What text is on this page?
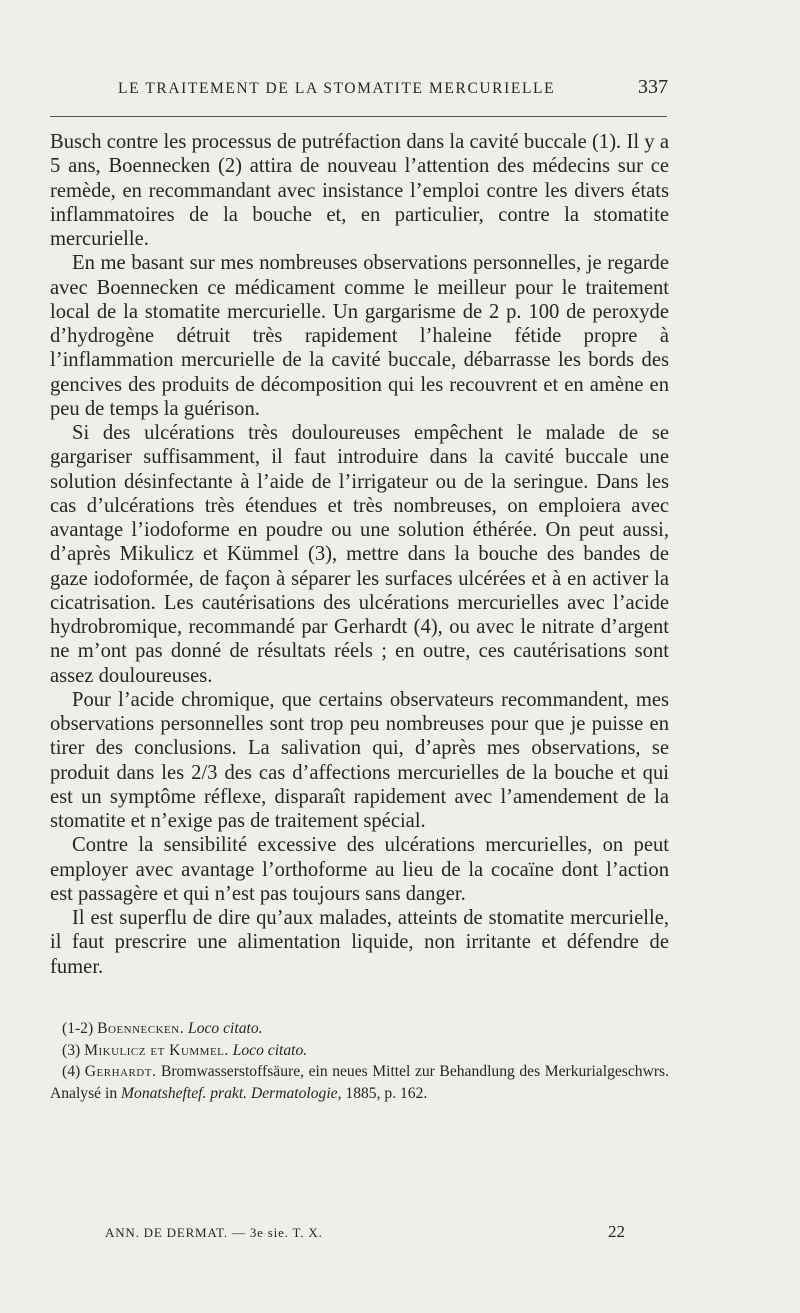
LE TRAITEMENT DE LA STOMATITE MERCURIELLE	337

Busch contre les processus de putréfaction dans la cavité buccale (1). Il y a 5 ans, Boennecken (2) attira de nouveau l’attention des médecins sur ce remède, en recommandant avec insistance l’emploi contre les divers états inflammatoires de la bouche et, en particulier, contre la stomatite mercurielle.

En me basant sur mes nombreuses observations personnelles, je regarde avec Boennecken ce médicament comme le meilleur pour le traitement local de la stomatite mercurielle. Un gargarisme de 2 p. 100 de peroxyde d’hydrogène détruit très rapidement l’haleine fétide propre à l’inflammation mercurielle de la cavité buccale, débarrasse les bords des gencives des produits de décomposition qui les recouvrent et en amène en peu de temps la guérison.

Si des ulcérations très douloureuses empêchent le malade de se gargariser suffisamment, il faut introduire dans la cavité buccale une solution désinfectante à l’aide de l’irrigateur ou de la seringue. Dans les cas d’ulcérations très étendues et très nombreuses, on emploiera avec avantage l’iodoforme en poudre ou une solution éthérée. On peut aussi, d’après Mikulicz et Kümmel (3), mettre dans la bouche des bandes de gaze iodoformée, de façon à séparer les surfaces ulcérées et à en activer la cicatrisation. Les cautérisations des ulcérations mercurielles avec l’acide hydrobromique, recommandé par Gerhardt (4), ou avec le nitrate d’argent ne m’ont pas donné de résultats réels ; en outre, ces cautérisations sont assez douloureuses.

Pour l’acide chromique, que certains observateurs recommandent, mes observations personnelles sont trop peu nombreuses pour que je puisse en tirer des conclusions. La salivation qui, d’après mes observations, se produit dans les 2/3 des cas d’affections mercurielles de la bouche et qui est un symptôme réflexe, disparaît rapidement avec l’amendement de la stomatite et n’exige pas de traitement spécial.

Contre la sensibilité excessive des ulcérations mercurielles, on peut employer avec avantage l’orthoforme au lieu de la cocaïne dont l’action est passagère et qui n’est pas toujours sans danger.

Il est superflu de dire qu’aux malades, atteints de stomatite mercurielle, il faut prescrire une alimentation liquide, non irritante et défendre de fumer.

(1-2) Boennecken. Loco citato.

(3) Mikulicz et Kummel. Loco citato.

(4) Gerhardt. Bromwasserstoffsäure, ein neues Mittel zur Behandlung des Merkurialgeschwrs. Analysé in Monatsheftef. prakt. Dermatologie, 1885, p. 162.

ANN. DE DERMAT. — 3e sie. T. X.	22
